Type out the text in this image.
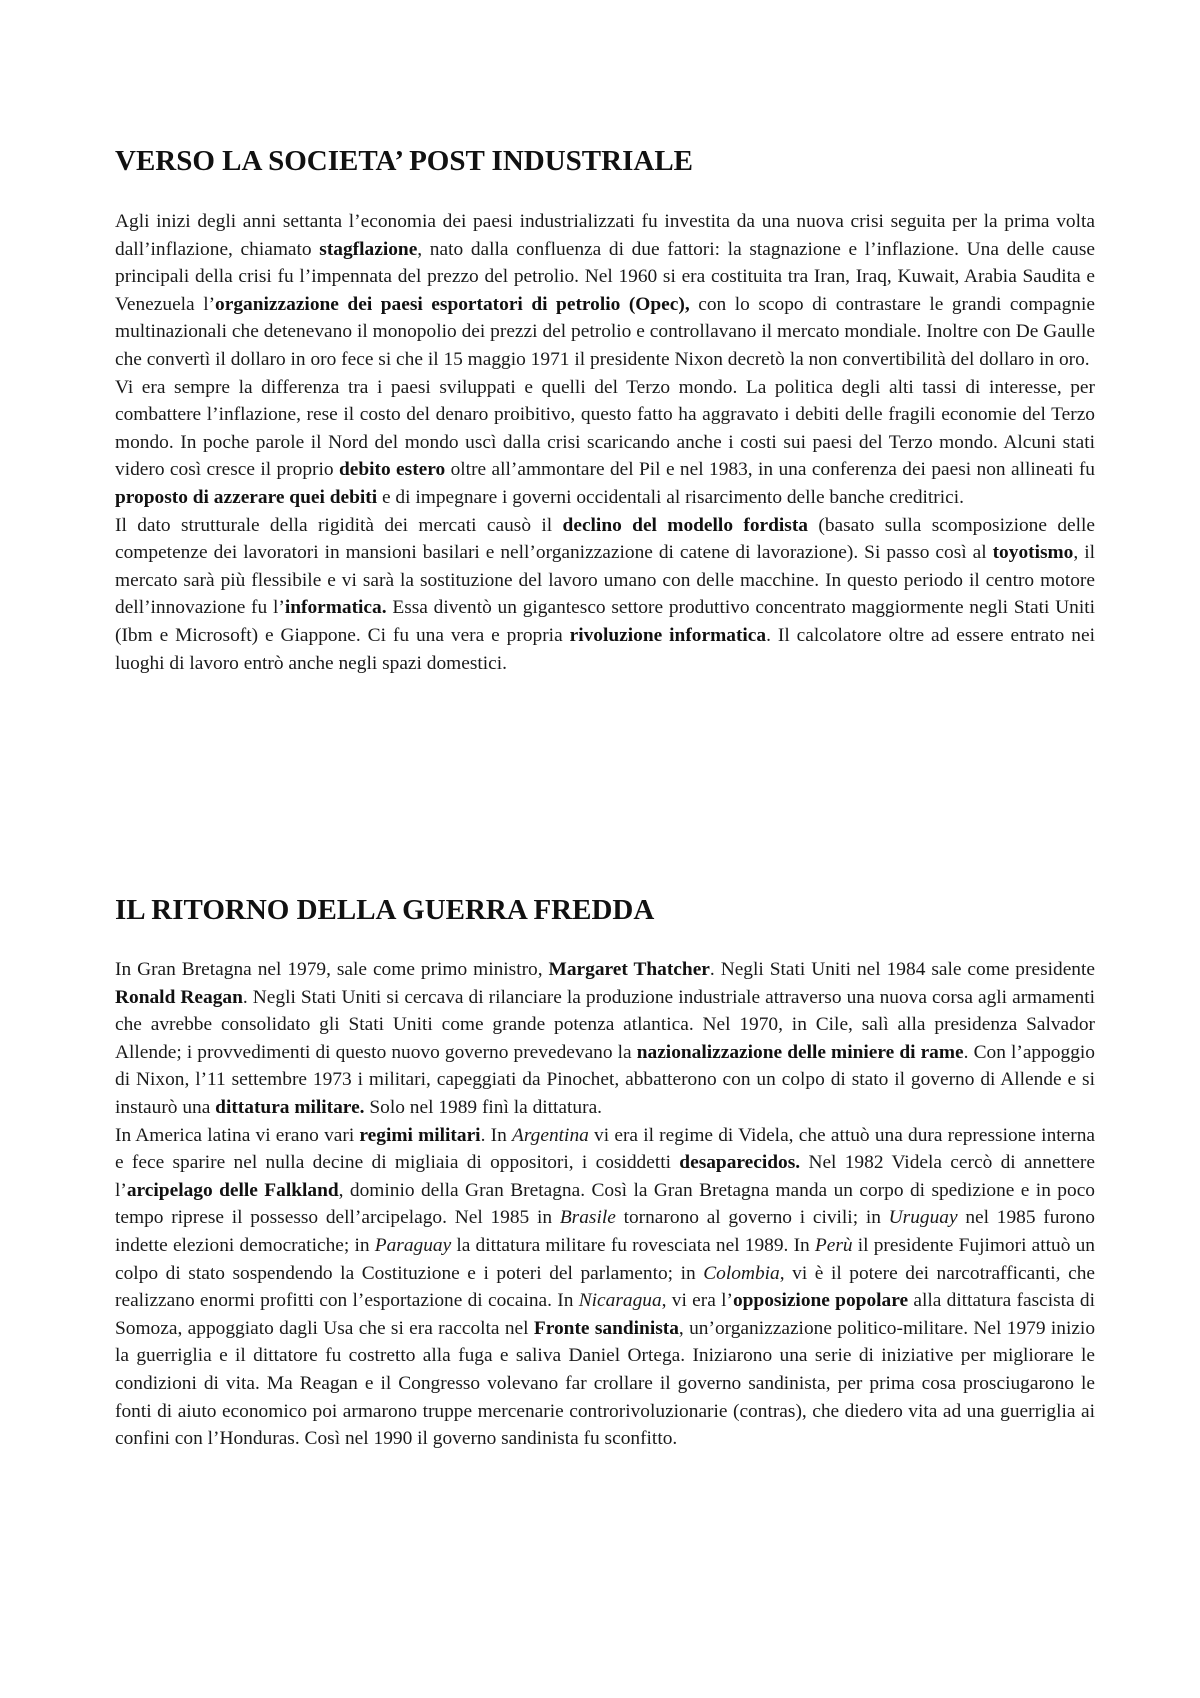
VERSO LA SOCIETA’ POST INDUSTRIALE

Agli inizi degli anni settanta l’economia dei paesi industrializzati fu investita da una nuova crisi seguita per la prima volta dall’inflazione, chiamato stagflazione, nato dalla confluenza di due fattori: la stagnazione e l’inflazione. Una delle cause principali della crisi fu l’impennata del prezzo del petrolio. Nel 1960 si era costituita tra Iran, Iraq, Kuwait, Arabia Saudita e Venezuela l’organizzazione dei paesi esportatori di petrolio (Opec), con lo scopo di contrastare le grandi compagnie multinazionali che detenevano il monopolio dei prezzi del petrolio e controllavano il mercato mondiale. Inoltre con De Gaulle che convertì il dollaro in oro fece si che il 15 maggio 1971 il presidente Nixon decretò la non convertibilità del dollaro in oro.

Vi era sempre la differenza tra i paesi sviluppati e quelli del Terzo mondo. La politica degli alti tassi di interesse, per combattere l’inflazione, rese il costo del denaro proibitivo, questo fatto ha aggravato i debiti delle fragili economie del Terzo mondo. In poche parole il Nord del mondo uscì dalla crisi scaricando anche i costi sui paesi del Terzo mondo. Alcuni stati videro così cresce il proprio debito estero oltre all’ammontare del Pil e nel 1983, in una conferenza dei paesi non allineati fu proposto di azzerare quei debiti e di impegnare i governi occidentali al risarcimento delle banche creditrici.

Il dato strutturale della rigidità dei mercati causò il declino del modello fordista (basato sulla scomposizione delle competenze dei lavoratori in mansioni basilari e nell’organizzazione di catene di lavorazione). Si passo così al toyotismo, il mercato sarà più flessibile e vi sarà la sostituzione del lavoro umano con delle macchine. In questo periodo il centro motore dell’innovazione fu l’informatica. Essa diventò un gigantesco settore produttivo concentrato maggiormente negli Stati Uniti (Ibm e Microsoft) e Giappone. Ci fu una vera e propria rivoluzione informatica. Il calcolatore oltre ad essere entrato nei luoghi di lavoro entrò anche negli spazi domestici.

IL RITORNO DELLA GUERRA FREDDA

In Gran Bretagna nel 1979, sale come primo ministro, Margaret Thatcher. Negli Stati Uniti nel 1984 sale come presidente Ronald Reagan. Negli Stati Uniti si cercava di rilanciare la produzione industriale attraverso una nuova corsa agli armamenti che avrebbe consolidato gli Stati Uniti come grande potenza atlantica. Nel 1970, in Cile, salì alla presidenza Salvador Allende; i provvedimenti di questo nuovo governo prevedevano la nazionalizzazione delle miniere di rame. Con l’appoggio di Nixon, l’11 settembre 1973 i militari, capeggiati da Pinochet, abbatterono con un colpo di stato il governo di Allende e si instaurò una dittatura militare. Solo nel 1989 finì la dittatura.

In America latina vi erano vari regimi militari. In Argentina vi era il regime di Videla, che attuò una dura repressione interna e fece sparire nel nulla decine di migliaia di oppositori, i cosiddetti desaparecidos. Nel 1982 Videla cercò di annettere l’arcipelago delle Falkland, dominio della Gran Bretagna. Così la Gran Bretagna manda un corpo di spedizione e in poco tempo riprese il possesso dell’arcipelago. Nel 1985 in Brasile tornarono al governo i civili; in Uruguay nel 1985 furono indette elezioni democratiche; in Paraguay la dittatura militare fu rovesciata nel 1989. In Perù il presidente Fujimori attuò un colpo di stato sospendendo la Costituzione e i poteri del parlamento; in Colombia, vi è il potere dei narcotrafficanti, che realizzano enormi profitti con l’esportazione di cocaina. In Nicaragua, vi era l’opposizione popolare alla dittatura fascista di Somoza, appoggiato dagli Usa che si era raccolta nel Fronte sandinista, un’organizzazione politico-militare. Nel 1979 inizio la guerriglia e il dittatore fu costretto alla fuga e saliva Daniel Ortega. Iniziarono una serie di iniziative per migliorare le condizioni di vita. Ma Reagan e il Congresso volevano far crollare il governo sandinista, per prima cosa prosciugarono le fonti di aiuto economico poi armarono truppe mercenarie controrivoluzionarie (contras), che diedero vita ad una guerriglia ai confini con l’Honduras. Così nel 1990 il governo sandinista fu sconfitto.
